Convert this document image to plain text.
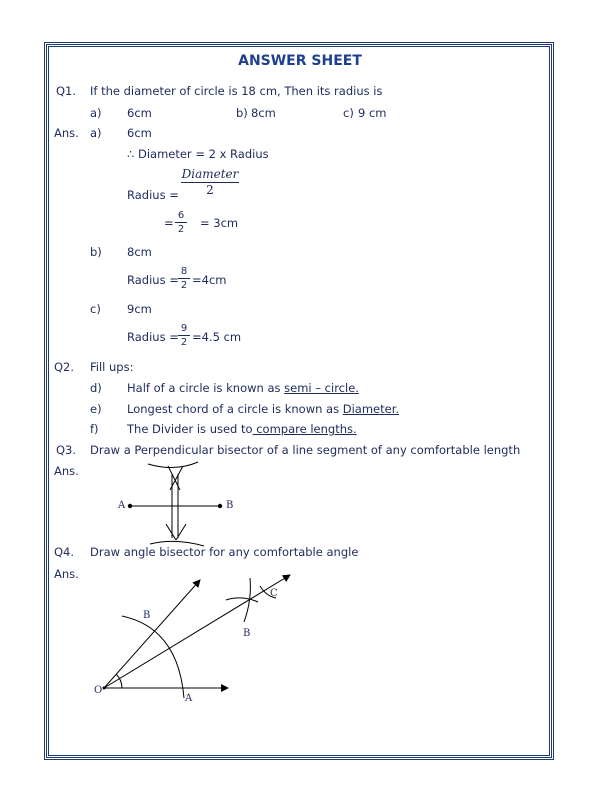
ANSWER SHEET
Q1. If the diameter of circle is 18 cm, Then its radius is
a) 6cm	b) 8cm	c) 9 cm
Ans. a) 6cm
∴ Diameter = 2 x Radius
Radius =
Diameter
2
=
6
2 = 3cm
b) 8cm
Radius =
8
2 =4cm
c) 9cm
Radius =
9
2 =4.5 cm
Q2. Fill ups:
d) Half of a circle is known as semi – circle.
e) Longest chord of a circle is known as Diameter.
f) The Divider is used to compare lengths.
Q3. Draw a Perpendicular bisector of a line segment of any comfortable length
Ans.
A	B
Q4. Draw angle bisector for any comfortable angle
Ans.
O
A
B
B
C
